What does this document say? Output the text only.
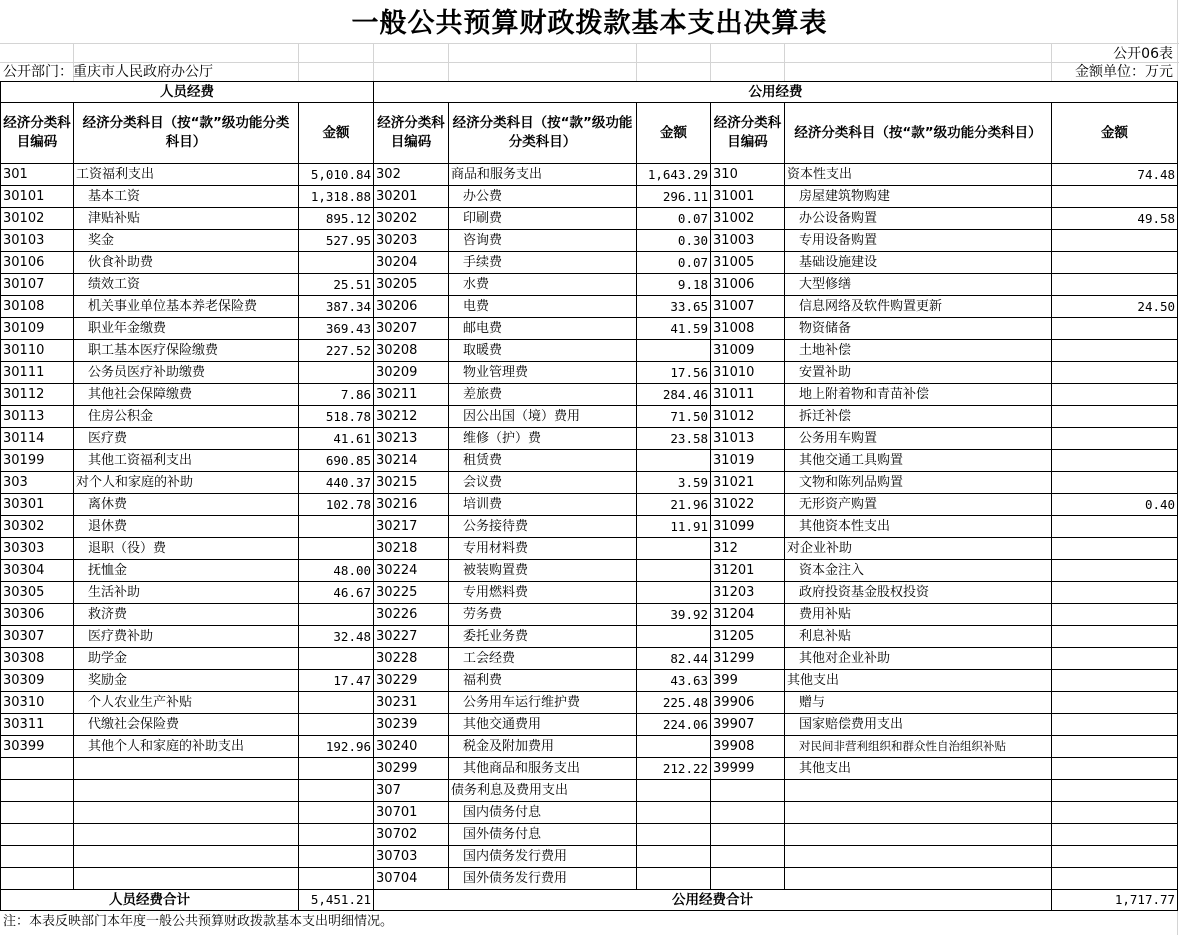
一般公共预算财政拨款基本支出决算表
公开06表
公开部门：重庆市人民政府办公厅	金额单位：万元
人员经费			公用经费					
经济分类科目编码	经济分类科目（按“款”级功能分类科目）	金额	经济分类科目编码	经济分类科目（按“款”级功能分类科目）	金额	经济分类科目编码	经济分类科目（按“款”级功能分类科目）	金额
301	工资福利支出	5,010.84	302	商品和服务支出	1,643.29	310	资本性支出	74.48
30101	基本工资	1,318.88	30201	办公费	296.11	31001	房屋建筑物购建	
30102	津贴补贴	895.12	30202	印刷费	0.07	31002	办公设备购置	49.58
30103	奖金	527.95	30203	咨询费	0.30	31003	专用设备购置	
30106	伙食补助费		30204	手续费	0.07	31005	基础设施建设	
30107	绩效工资	25.51	30205	水费	9.18	31006	大型修缮	
30108	机关事业单位基本养老保险费	387.34	30206	电费	33.65	31007	信息网络及软件购置更新	24.50
30109	职业年金缴费	369.43	30207	邮电费	41.59	31008	物资储备	
30110	职工基本医疗保险缴费	227.52	30208	取暖费		31009	土地补偿	
30111	公务员医疗补助缴费		30209	物业管理费	17.56	31010	安置补助	
30112	其他社会保障缴费	7.86	30211	差旅费	284.46	31011	地上附着物和青苗补偿	
30113	住房公积金	518.78	30212	因公出国（境）费用	71.50	31012	拆迁补偿	
30114	医疗费	41.61	30213	维修（护）费	23.58	31013	公务用车购置	
30199	其他工资福利支出	690.85	30214	租赁费		31019	其他交通工具购置	
303	对个人和家庭的补助	440.37	30215	会议费	3.59	31021	文物和陈列品购置	
30301	离休费	102.78	30216	培训费	21.96	31022	无形资产购置	0.40
30302	退休费		30217	公务接待费	11.91	31099	其他资本性支出	
30303	退职（役）费		30218	专用材料费		312	对企业补助	
30304	抚恤金	48.00	30224	被装购置费		31201	资本金注入	
30305	生活补助	46.67	30225	专用燃料费		31203	政府投资基金股权投资	
30306	救济费		30226	劳务费	39.92	31204	费用补贴	
30307	医疗费补助	32.48	30227	委托业务费		31205	利息补贴	
30308	助学金		30228	工会经费	82.44	31299	其他对企业补助	
30309	奖励金	17.47	30229	福利费	43.63	399	其他支出	
30310	个人农业生产补贴		30231	公务用车运行维护费	225.48	39906	赠与	
30311	代缴社会保险费		30239	其他交通费用	224.06	39907	国家赔偿费用支出	
30399	其他个人和家庭的补助支出	192.96	30240	税金及附加费用		39908	对民间非营利组织和群众性自治组织补贴	
			30299	其他商品和服务支出	212.22	39999	其他支出	
			307	债务利息及费用支出				
			30701	国内债务付息				
			30702	国外债务付息				
			30703	国内债务发行费用				
			30704	国外债务发行费用				
人员经费合计		5,451.21	公用经费合计					1,717.77
注：本表反映部门本年度一般公共预算财政拨款基本支出明细情况。
